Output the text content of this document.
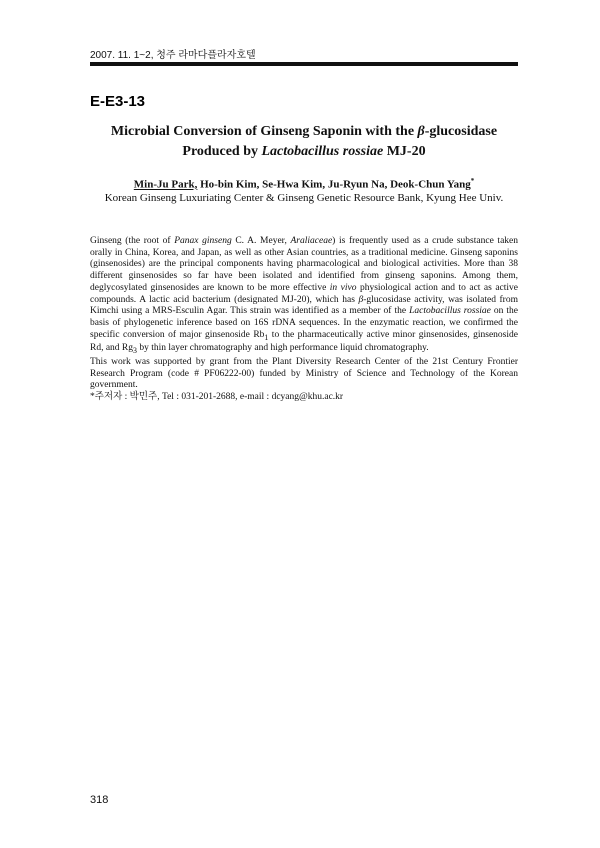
2007. 11. 1~2, 청주 라마다플라자호텔
E-E3-13
Microbial Conversion of Ginseng Saponin with the β-glucosidase
Produced by Lactobacillus rossiae MJ-20
Min-Ju Park, Ho-bin Kim, Se-Hwa Kim, Ju-Ryun Na, Deok-Chun Yang*
Korean Ginseng Luxuriating Center & Ginseng Genetic Resource Bank, Kyung Hee Univ.

Ginseng (the root of Panax ginseng C. A. Meyer, Araliaceae) is frequently used as a crude substance taken orally in China, Korea, and Japan, as well as other Asian countries, as a traditional medicine. Ginseng saponins (ginsenosides) are the principal components having pharmacological and biological activities. More than 38 different ginsenosides so far have been isolated and identified from ginseng saponins. Among them, deglycosylated ginsenosides are known to be more effective in vivo physiological action and to act as active compounds. A lactic acid bacterium (designated MJ-20), which has β-glucosidase activity, was isolated from Kimchi using a MRS-Esculin Agar. This strain was identified as a member of the Lactobacillus rossiae on the basis of phylogenetic inference based on 16S rDNA sequences. In the enzymatic reaction, we confirmed the specific conversion of major ginsenoside $Rb_1$ to the pharmaceutically active minor ginsenosides, ginsenoside Rd, and $Rg_3$ by thin layer chromatography and high performance liquid chromatography.

This work was supported by grant from the Plant Diversity Research Center of the 21st Century Frontier Research Program (code # PF06222-00) funded by Ministry of Science and Technology of the Korean government.

*주저자 : 박민주, Tel : 031-201-2688, e-mail : dcyang@khu.ac.kr

318
